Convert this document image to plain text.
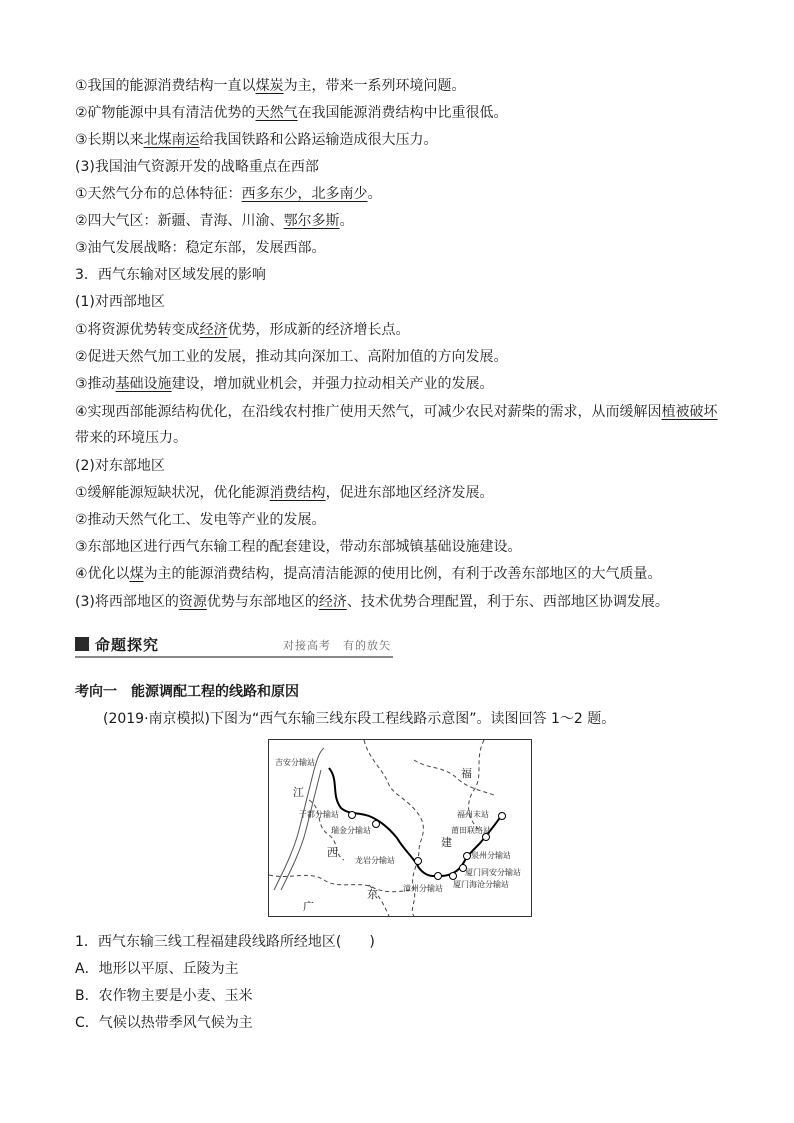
①我国的能源消费结构一直以煤炭为主，带来一系列环境问题。
②矿物能源中具有清洁优势的天然气在我国能源消费结构中比重很低。
③长期以来北煤南运给我国铁路和公路运输造成很大压力。
(3)我国油气资源开发的战略重点在西部
①天然气分布的总体特征：西多东少，北多南少。
②四大气区：新疆、青海、川渝、鄂尔多斯。
③油气发展战略：稳定东部，发展西部。
3．西气东输对区域发展的影响
(1)对西部地区
①将资源优势转变成经济优势，形成新的经济增长点。
②促进天然气加工业的发展，推动其向深加工、高附加值的方向发展。
③推动基础设施建设，增加就业机会，并强力拉动相关产业的发展。
④实现西部能源结构优化，在沿线农村推广使用天然气，可减少农民对薪柴的需求，从而缓解因植被破坏
带来的环境压力。
(2)对东部地区
①缓解能源短缺状况，优化能源消费结构，促进东部地区经济发展。
②推动天然气化工、发电等产业的发展。
③东部地区进行西气东输工程的配套建设，带动东部城镇基础设施建设。
④优化以煤为主的能源消费结构，提高清洁能源的使用比例，有利于改善东部地区的大气质量。
(3)将西部地区的资源优势与东部地区的经济、技术优势合理配置，利于东、西部地区协调发展。
命题探究	对接高考　有的放矢
考向一　能源调配工程的线路和原因
(2019·南京模拟)下图为“西气东输三线东段工程线路示意图”。读图回答 1～2 题。
江
西
福
建
广
东
吉安分输站
于都分输站
瑞金分输站
龙岩分输站
漳州分输站 厦门海沧分输站
厦门同安分输站
泉州分输站
莆田联络站
福州末站
1．西气东输三线工程福建段线路所经地区(　　)
A．地形以平原、丘陵为主
B．农作物主要是小麦、玉米
C．气候以热带季风气候为主
